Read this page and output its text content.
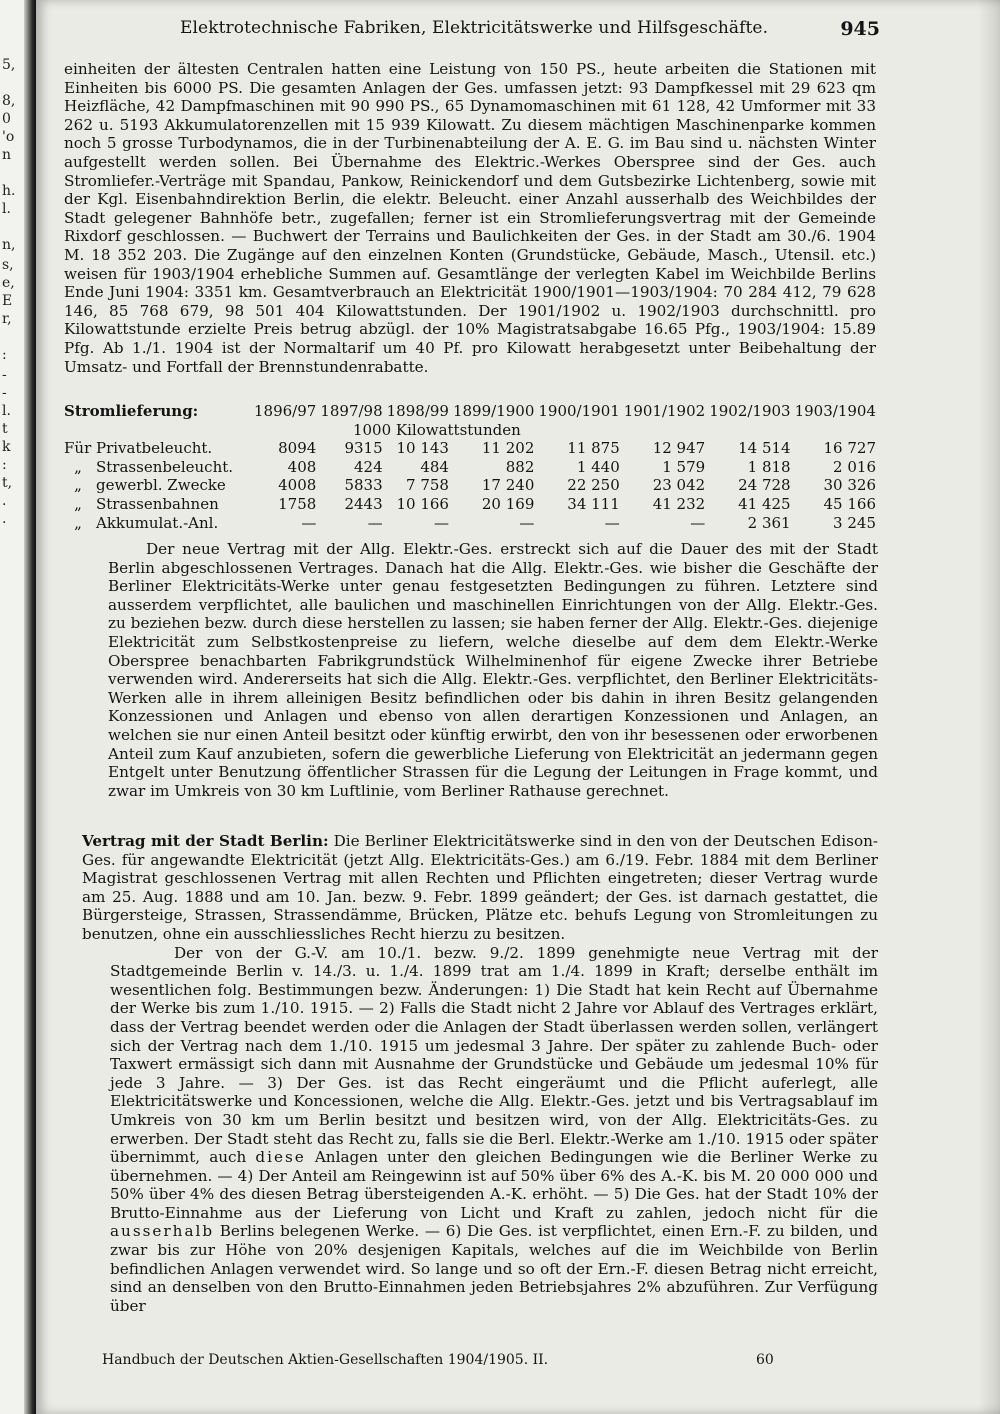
5,
8,
0
'o
n
h.
l.
n,
s,
e,
E
r,
:
-
-
l.
t
k
:
t,
.
.
Elektrotechnische Fabriken, Elektricitätswerke und Hilfsgeschäfte.	945

einheiten der ältesten Centralen hatten eine Leistung von 150 PS., heute arbeiten die Stationen mit Einheiten bis 6000 PS. Die gesamten Anlagen der Ges. umfassen jetzt: 93 Dampfkessel mit 29 623 qm Heizfläche, 42 Dampfmaschinen mit 90 990 PS., 65 Dynamomaschinen mit 61 128, 42 Umformer mit 33 262 u. 5193 Akkumulatorenzellen mit 15 939 Kilowatt. Zu diesem mächtigen Maschinenparke kommen noch 5 grosse Turbodynamos, die in der Turbinenabteilung der A. E. G. im Bau sind u. nächsten Winter aufgestellt werden sollen. Bei Übernahme des Elektric.-Werkes Oberspree sind der Ges. auch Stromliefer.-Verträge mit Spandau, Pankow, Reinickendorf und dem Gutsbezirke Lichtenberg, sowie mit der Kgl. Eisenbahndirektion Berlin, die elektr. Beleucht. einer Anzahl ausserhalb des Weichbildes der Stadt gelegener Bahnhöfe betr., zugefallen; ferner ist ein Stromlieferungsvertrag mit der Gemeinde Rixdorf geschlossen. — Buchwert der Terrains und Baulichkeiten der Ges. in der Stadt am 30./6. 1904 M. 18 352 203. Die Zugänge auf den einzelnen Konten (Grundstücke, Gebäude, Masch., Utensil. etc.) weisen für 1903/1904 erhebliche Summen auf. Gesamtlänge der verlegten Kabel im Weichbilde Berlins Ende Juni 1904: 3351 km. Gesamtverbrauch an Elektricität 1900/1901—1903/1904: 70 284 412, 79 628 146, 85 768 679, 98 501 404 Kilowattstunden. Der 1901/1902 u. 1902/1903 durchschnittl. pro Kilowattstunde erzielte Preis betrug abzügl. der 10% Magistratsabgabe 16.65 Pfg., 1903/1904: 15.89 Pfg. Ab 1./1. 1904 ist der Normaltarif um 40 Pf. pro Kilowatt herabgesetzt unter Beibehaltung der Umsatz- und Fortfall der Brennstundenrabatte.

Stromlieferung:		1896/97	1897/98	1898/99	1899/1900	1900/1901	1901/1902	1902/1903	1903/1904
		1000 Kilowattstunden							
Für	Privatbeleucht.	8094	9315	10 143	11 202	11 875	12 947	14 514	16 727
„	Strassenbeleucht.	408	424	484	882	1 440	1 579	1 818	2 016
„	gewerbl. Zwecke	4008	5833	7 758	17 240	22 250	23 042	24 728	30 326
„	Strassenbahnen	1758	2443	10 166	20 169	34 111	41 232	41 425	45 166
„	Akkumulat.-Anl.	—	—	—	—	—	—	2 361	3 245

Der neue Vertrag mit der Allg. Elektr.-Ges. erstreckt sich auf die Dauer des mit der Stadt Berlin abgeschlossenen Vertrages. Danach hat die Allg. Elektr.-Ges. wie bisher die Geschäfte der Berliner Elektricitäts-Werke unter genau festgesetzten Bedingungen zu führen. Letztere sind ausserdem verpflichtet, alle baulichen und maschinellen Einrichtungen von der Allg. Elektr.-Ges. zu beziehen bezw. durch diese herstellen zu lassen; sie haben ferner der Allg. Elektr.-Ges. diejenige Elektricität zum Selbstkostenpreise zu liefern, welche dieselbe auf dem dem Elektr.-Werke Oberspree benachbarten Fabrikgrundstück Wilhelminenhof für eigene Zwecke ihrer Betriebe verwenden wird. Andererseits hat sich die Allg. Elektr.-Ges. verpflichtet, den Berliner Elektricitäts-Werken alle in ihrem alleinigen Besitz befindlichen oder bis dahin in ihren Besitz gelangenden Konzessionen und Anlagen und ebenso von allen derartigen Konzessionen und Anlagen, an welchen sie nur einen Anteil besitzt oder künftig erwirbt, den von ihr besessenen oder erworbenen Anteil zum Kauf anzubieten, sofern die gewerbliche Lieferung von Elektricität an jedermann gegen Entgelt unter Benutzung öffentlicher Strassen für die Legung der Leitungen in Frage kommt, und zwar im Umkreis von 30 km Luftlinie, vom Berliner Rathause gerechnet.

Vertrag mit der Stadt Berlin: Die Berliner Elektricitätswerke sind in den von der Deutschen Edison-Ges. für angewandte Elektricität (jetzt Allg. Elektricitäts-Ges.) am 6./19. Febr. 1884 mit dem Berliner Magistrat geschlossenen Vertrag mit allen Rechten und Pflichten eingetreten; dieser Vertrag wurde am 25. Aug. 1888 und am 10. Jan. bezw. 9. Febr. 1899 geändert; der Ges. ist darnach gestattet, die Bürgersteige, Strassen, Strassendämme, Brücken, Plätze etc. behufs Legung von Stromleitungen zu benutzen, ohne ein ausschliessliches Recht hierzu zu besitzen.

Der von der G.-V. am 10./1. bezw. 9./2. 1899 genehmigte neue Vertrag mit der Stadtgemeinde Berlin v. 14./3. u. 1./4. 1899 trat am 1./4. 1899 in Kraft; derselbe enthält im wesentlichen folg. Bestimmungen bezw. Änderungen: 1) Die Stadt hat kein Recht auf Übernahme der Werke bis zum 1./10. 1915. — 2) Falls die Stadt nicht 2 Jahre vor Ablauf des Vertrages erklärt, dass der Vertrag beendet werden oder die Anlagen der Stadt überlassen werden sollen, verlängert sich der Vertrag nach dem 1./10. 1915 um jedesmal 3 Jahre. Der später zu zahlende Buch- oder Taxwert ermässigt sich dann mit Ausnahme der Grundstücke und Gebäude um jedesmal 10% für jede 3 Jahre. — 3) Der Ges. ist das Recht eingeräumt und die Pflicht auferlegt, alle Elektricitätswerke und Koncessionen, welche die Allg. Elektr.-Ges. jetzt und bis Vertragsablauf im Umkreis von 30 km um Berlin besitzt und besitzen wird, von der Allg. Elektricitäts-Ges. zu erwerben. Der Stadt steht das Recht zu, falls sie die Berl. Elektr.-Werke am 1./10. 1915 oder später übernimmt, auch diese Anlagen unter den gleichen Bedingungen wie die Berliner Werke zu übernehmen. — 4) Der Anteil am Reingewinn ist auf 50% über 6% des A.-K. bis M. 20 000 000 und 50% über 4% des diesen Betrag übersteigenden A.-K. erhöht. — 5) Die Ges. hat der Stadt 10% der Brutto-Einnahme aus der Lieferung von Licht und Kraft zu zahlen, jedoch nicht für die ausserhalb Berlins belegenen Werke. — 6) Die Ges. ist verpflichtet, einen Ern.-F. zu bilden, und zwar bis zur Höhe von 20% desjenigen Kapitals, welches auf die im Weichbilde von Berlin befindlichen Anlagen verwendet wird. So lange und so oft der Ern.-F. diesen Betrag nicht erreicht, sind an denselben von den Brutto-Einnahmen jeden Betriebsjahres 2% abzuführen. Zur Verfügung über

Handbuch der Deutschen Aktien-Gesellschaften 1904/1905. II.	60
